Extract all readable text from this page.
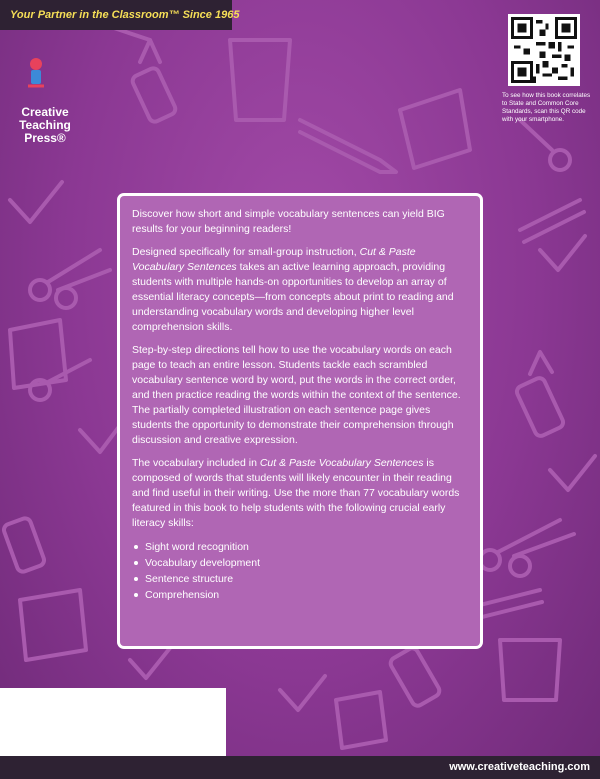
Your Partner in the Classroom™ Since 1965
Creative
Teaching
Press®
To see how this book correlates to State and Common Core Standards, scan this QR code with your smartphone.

Discover how short and simple vocabulary sentences can yield BIG results for your beginning readers!

Designed specifically for small-group instruction, Cut & Paste Vocabulary Sentences takes an active learning approach, providing students with multiple hands-on opportunities to develop an array of essential literacy concepts—from concepts about print to reading and understanding vocabulary words and developing higher level comprehension skills.

Step-by-step directions tell how to use the vocabulary words on each page to teach an entire lesson. Students tackle each scrambled vocabulary sentence word by word, put the words in the correct order, and then practice reading the words within the context of the sentence. The partially completed illustration on each sentence page gives students the opportunity to demonstrate their comprehension through discussion and creative expression.

The vocabulary included in Cut & Paste Vocabulary Sentences is composed of words that students will likely encounter in their reading and find useful in their writing. Use the more than 77 vocabulary words featured in this book to help students with the following crucial early literacy skills:

Sight word recognition
Vocabulary development
Sentence structure
Comprehension
www.creativeteaching.com
